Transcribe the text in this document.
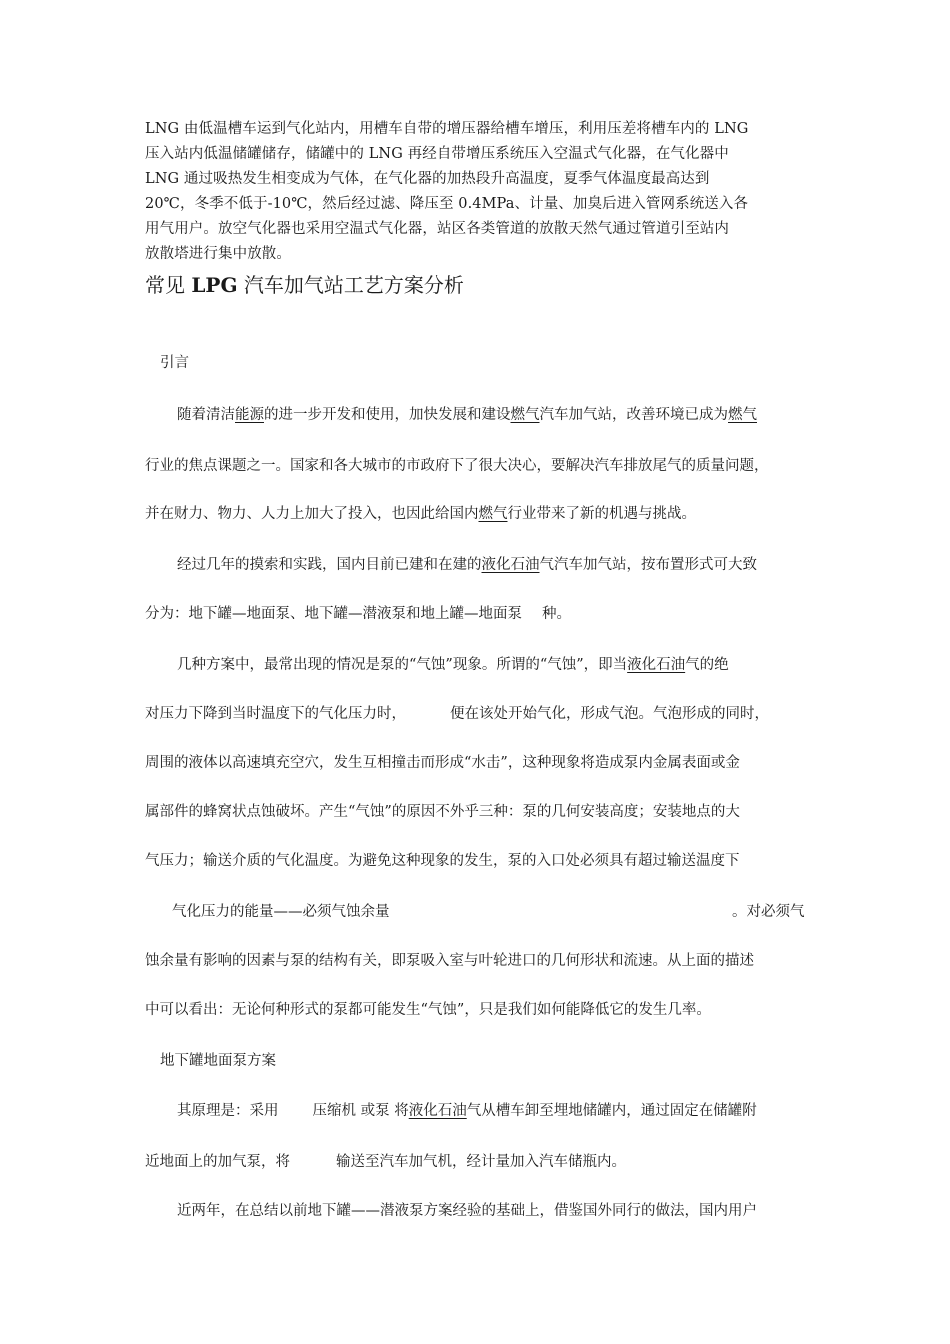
LNG 由低温槽车运到气化站内，用槽车自带的增压器给槽车增压，利用压差将槽车内的 LNG
压入站内低温储罐储存，储罐中的 LNG 再经自带增压系统压入空温式气化器，在气化器中
LNG 通过吸热发生相变成为气体，在气化器的加热段升高温度，夏季气体温度最高达到
20℃，冬季不低于-10℃，然后经过滤、降压至 0.4MPa、计量、加臭后进入管网系统送入各
用气用户。放空气化器也采用空温式气化器，站区各类管道的放散天然气通过管道引至站内
放散塔进行集中放散。
常见 LPG 汽车加气站工艺方案分析
引言
随着清洁能源的进一步开发和使用，加快发展和建设燃气汽车加气站，改善环境已成为燃气
行业的焦点课题之一。国家和各大城市的市政府下了很大决心，要解决汽车排放尾气的质量问题，
并在财力、物力、人力上加大了投入，也因此给国内燃气行业带来了新的机遇与挑战。
经过几年的摸索和实践，国内目前已建和在建的液化石油气汽车加气站，按布置形式可大致
分为：地下罐—地面泵、地下罐—潜液泵和地上罐—地面泵 种。
几种方案中，最常出现的情况是泵的“气蚀”现象。所谓的“气蚀”，即当液化石油气的绝
对压力下降到当时温度下的气化压力时，	便在该处开始气化，形成气泡。气泡形成的同时，
周围的液体以高速填充空穴，发生互相撞击而形成“水击”，这种现象将造成泵内金属表面或金
属部件的蜂窝状点蚀破坏。产生“气蚀”的原因不外乎三种：泵的几何安装高度；安装地点的大
气压力；输送介质的气化温度。为避免这种现象的发生，泵的入口处必须具有超过输送温度下
气化压力的能量——必须气蚀余量	。对必须气
蚀余量有影响的因素与泵的结构有关，即泵吸入室与叶轮进口的几何形状和流速。从上面的描述
中可以看出：无论何种形式的泵都可能发生“气蚀”，只是我们如何能降低它的发生几率。
地下罐地面泵方案
其原理是：采用 压缩机 或泵 将液化石油气从槽车卸至埋地储罐内，通过固定在储罐附
近地面上的加气泵，将	输送至汽车加气机，经计量加入汽车储瓶内。
近两年，在总结以前地下罐——潜液泵方案经验的基础上，借鉴国外同行的做法，国内用户
